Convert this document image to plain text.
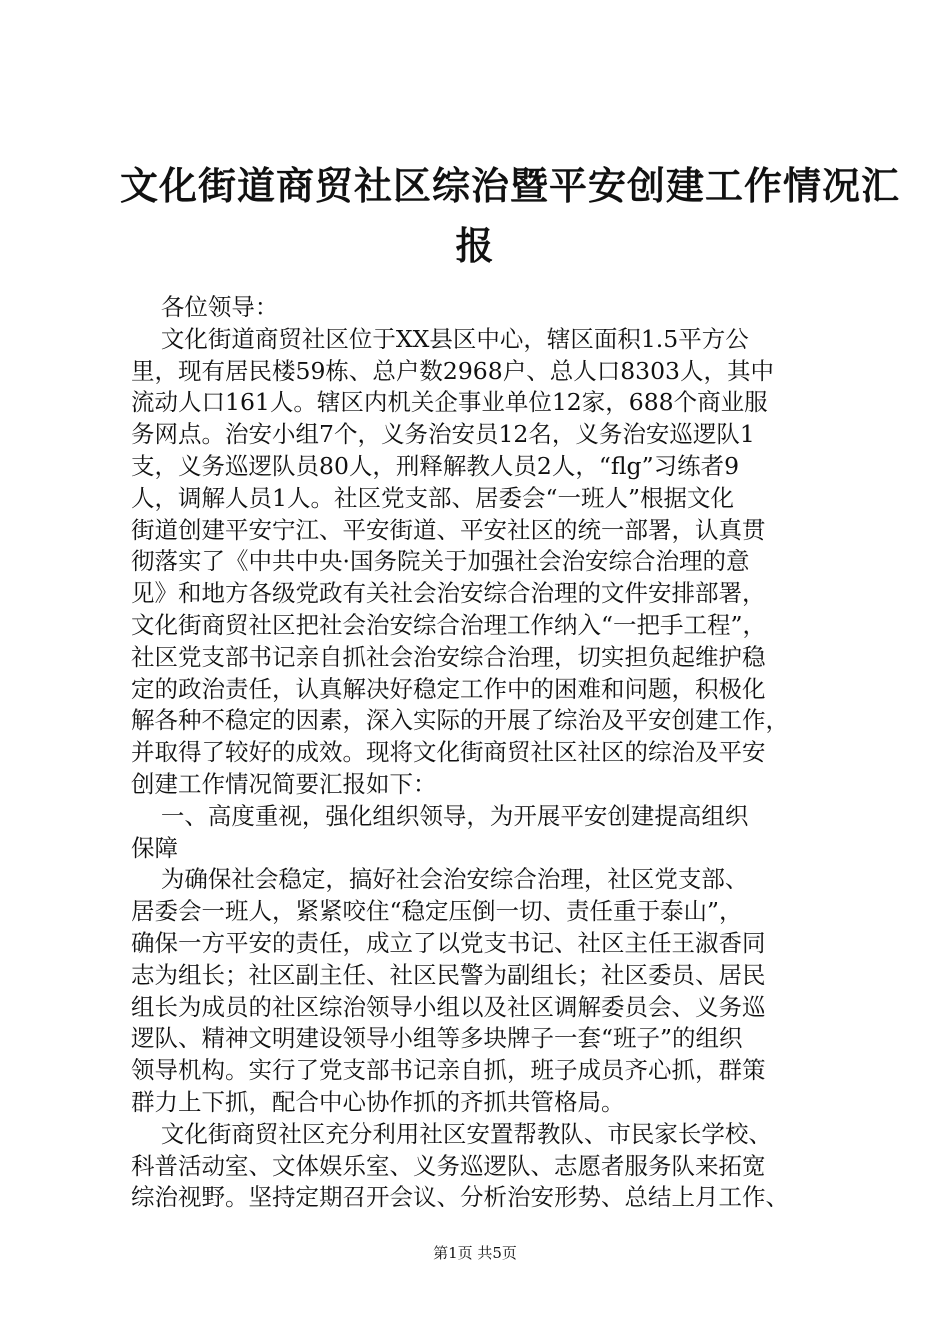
文化街道商贸社区综治暨平安创建工作情况汇
报
各位领导：
文化街道商贸社区位于XX县区中心，辖区面积1.5平方公
里，现有居民楼59栋、总户数2968户、总人口8303人，其中
流动人口161人。辖区内机关企事业单位12家，688个商业服
务网点。治安小组7个，义务治安员12名，义务治安巡逻队1
支，义务巡逻队员80人，刑释解教人员2人，“flg”习练者9
人，调解人员1人。社区党支部、居委会“一班人”根据文化
街道创建平安宁江、平安街道、平安社区的统一部署，认真贯
彻落实了《中共中央·国务院关于加强社会治安综合治理的意
见》和地方各级党政有关社会治安综合治理的文件安排部署，
文化街商贸社区把社会治安综合治理工作纳入“一把手工程”，
社区党支部书记亲自抓社会治安综合治理，切实担负起维护稳
定的政治责任，认真解决好稳定工作中的困难和问题，积极化
解各种不稳定的因素，深入实际的开展了综治及平安创建工作，
并取得了较好的成效。现将文化街商贸社区社区的综治及平安
创建工作情况简要汇报如下：
一、高度重视，强化组织领导，为开展平安创建提高组织
保障
为确保社会稳定，搞好社会治安综合治理，社区党支部、
居委会一班人，紧紧咬住“稳定压倒一切、责任重于泰山”，
确保一方平安的责任，成立了以党支书记、社区主任王淑香同
志为组长；社区副主任、社区民警为副组长；社区委员、居民
组长为成员的社区综治领导小组以及社区调解委员会、义务巡
逻队、精神文明建设领导小组等多块牌子一套“班子”的组织
领导机构。实行了党支部书记亲自抓，班子成员齐心抓，群策
群力上下抓，配合中心协作抓的齐抓共管格局。
文化街商贸社区充分利用社区安置帮教队、市民家长学校、
科普活动室、文体娱乐室、义务巡逻队、志愿者服务队来拓宽
综治视野。坚持定期召开会议、分析治安形势、总结上月工作、
第1页 共5页
